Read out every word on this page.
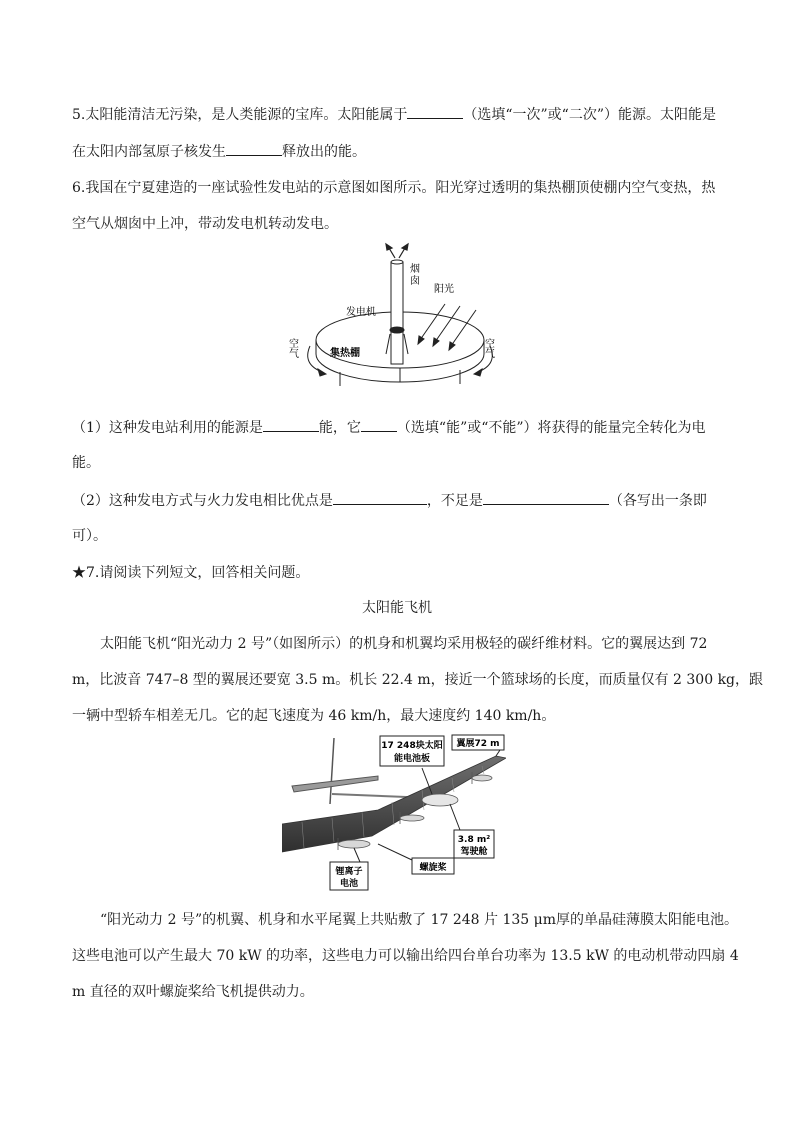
5.太阳能清洁无污染，是人类能源的宝库。太阳能属于	（选填“一次”或“二次”）能源。太阳能是
在太阳内部氢原子核发生	释放出的能。
6.我国在宁夏建造的一座试验性发电站的示意图如图所示。阳光穿过透明的集热棚顶使棚内空气变热，热
空气从烟囱中上冲，带动发电机转动发电。
烟囱
阳光
发电机
集热棚
空气	空气
（1）这种发电站利用的能源是	能，它	（选填“能”或“不能”）将获得的能量完全转化为电
能。
（2）这种发电方式与火力发电相比优点是	，不足是	（各写出一条即
可）。
★7.请阅读下列短文，回答相关问题。
太阳能飞机
太阳能飞机“阳光动力 2 号”（如图所示）的机身和机翼均采用极轻的碳纤维材料。它的翼展达到 72
m，比波音 747–8 型的翼展还要宽 3.5 m。机长 22.4 m，接近一个篮球场的长度，而质量仅有 2 300 kg，跟
一辆中型轿车相差无几。它的起飞速度为 46 km/h，最大速度约 140 km/h。
17 248块太阳
能电池板
翼展72 m
3.8 m²
驾驶舱
锂离子
电池
螺旋桨
“阳光动力 2 号”的机翼、机身和水平尾翼上共贴敷了 17 248 片 135 μm厚的单晶硅薄膜太阳能电池。
这些电池可以产生最大 70 kW 的功率，这些电力可以输出给四台单台功率为 13.5 kW 的电动机带动四扇 4
m 直径的双叶螺旋桨给飞机提供动力。
